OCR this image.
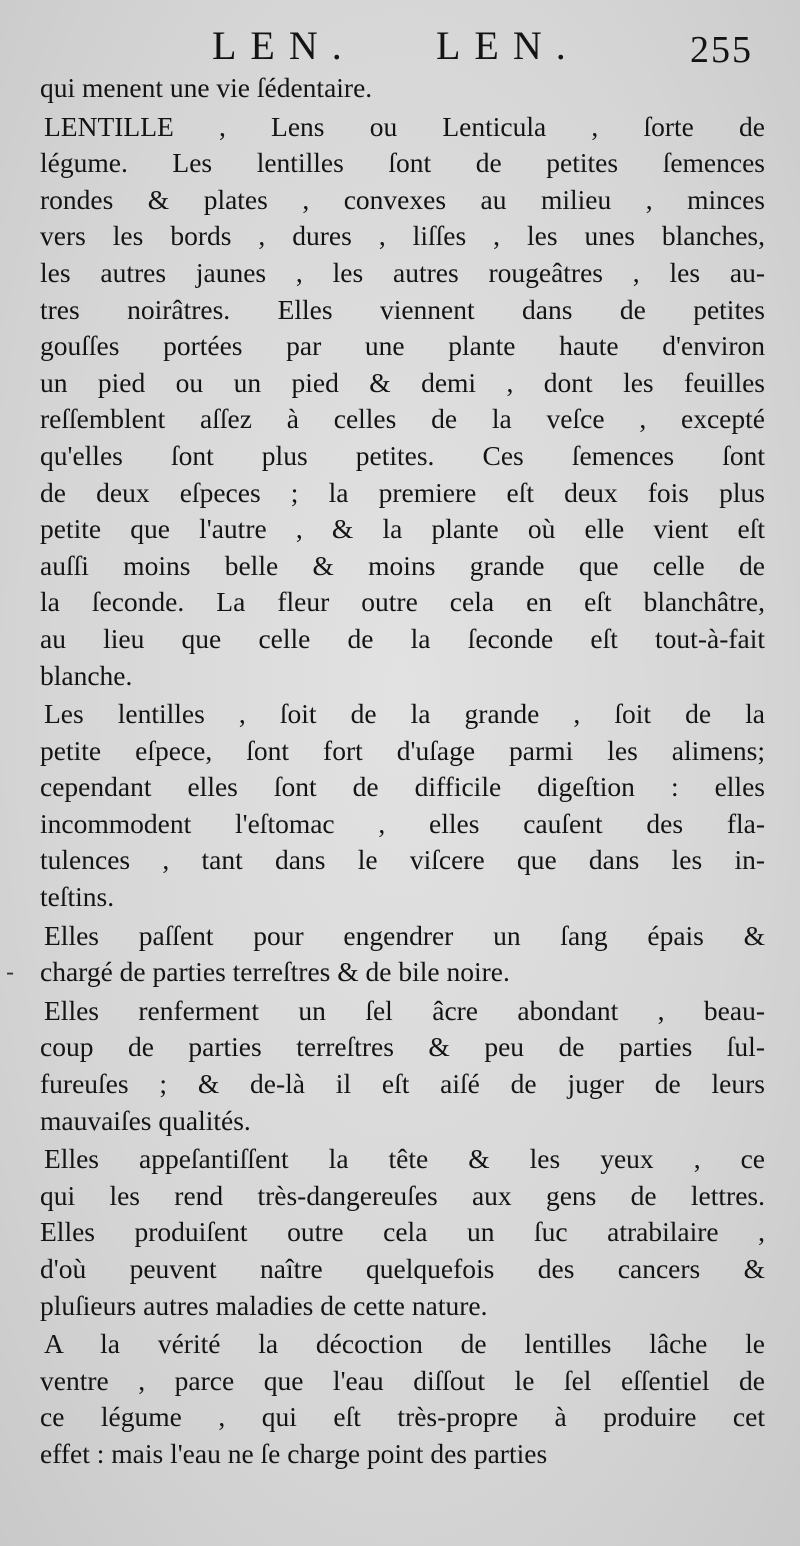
LEN. LEN.	255
-
qui menent une vie ſédentaire.
LENTILLE , Lens ou Lenticula , ſorte de
légume. Les lentilles ſont de petites ſemences
rondes & plates , convexes au milieu , minces
vers les bords , dures , liſſes , les unes blanches,
les autres jaunes , les autres rougeâtres , les au-
tres noirâtres. Elles viennent dans de petites
gouſſes portées par une plante haute d'environ
un pied ou un pied & demi , dont les feuilles
reſſemblent aſſez à celles de la veſce , excepté
qu'elles ſont plus petites. Ces ſemences ſont
de deux eſpeces ; la premiere eſt deux fois plus
petite que l'autre , & la plante où elle vient eſt
auſſi moins belle & moins grande que celle de
la ſeconde. La fleur outre cela en eſt blanchâtre,
au lieu que celle de la ſeconde eſt tout-à-fait
blanche.
Les lentilles , ſoit de la grande , ſoit de la
petite eſpece, ſont fort d'uſage parmi les alimens;
cependant elles ſont de difficile digeſtion : elles
incommodent l'eſtomac , elles cauſent des fla-
tulences , tant dans le viſcere que dans les in-
teſtins.
Elles paſſent pour engendrer un ſang épais &
chargé de parties terreſtres & de bile noire.
Elles renferment un ſel âcre abondant , beau-
coup de parties terreſtres & peu de parties ſul-
fureuſes ; & de-là il eſt aiſé de juger de leurs
mauvaiſes qualités.
Elles appeſantiſſent la tête & les yeux , ce
qui les rend très-dangereuſes aux gens de lettres.
Elles produiſent outre cela un ſuc atrabilaire ,
d'où peuvent naître quelquefois des cancers &
pluſieurs autres maladies de cette nature.
A la vérité la décoction de lentilles lâche le
ventre , parce que l'eau diſſout le ſel eſſentiel de
ce légume , qui eſt très-propre à produire cet
effet : mais l'eau ne ſe charge point des parties
